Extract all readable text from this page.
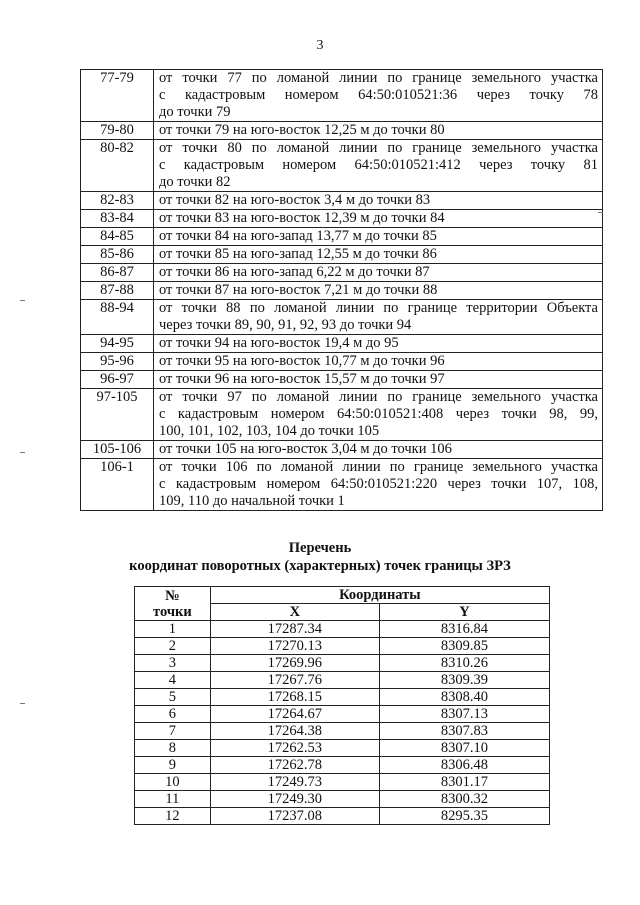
3
77-79	от точки 77 по ломаной линии по границе земельного участка
с кадастровым номером 64:50:010521:36 через точку 78
до точки 79

79-80	от точки 79 на юго-восток 12,25 м до точки 80

80-82	от точки 80 по ломаной линии по границе земельного участка
с кадастровым номером 64:50:010521:412 через точку 81
до точки 82

82-83	от точки 82 на юго-восток 3,4 м до точки 83

83-84	от точки 83 на юго-восток 12,39 м до точки 84

84-85	от точки 84 на юго-запад 13,77 м до точки 85

85-86	от точки 85 на юго-запад 12,55 м до точки 86

86-87	от точки 86 на юго-запад 6,22 м до точки 87

87-88	от точки 87 на юго-восток 7,21 м до точки 88

88-94	от точки 88 по ломаной линии по границе территории Объекта
через точки 89, 90, 91, 92, 93 до точки 94

94-95	от точки 94 на юго-восток 19,4 м до 95

95-96	от точки 95 на юго-восток 10,77 м до точки 96

96-97	от точки 96 на юго-восток 15,57 м до точки 97

97-105	от точки 97 по ломаной линии по границе земельного участка
с кадастровым номером 64:50:010521:408 через точки 98, 99,
100, 101, 102, 103, 104 до точки 105

105-106	от точки 105 на юго-восток 3,04 м до точки 106

106-1	от точки 106 по ломаной линии по границе земельного участка
с кадастровым номером 64:50:010521:220 через точки 107, 108,
109, 110 до начальной точки 1
Перечень
координат поворотных (характерных) точек границы ЗРЗ
№
точки	Координаты	
	X	Y
1	17287.34	8316.84
2	17270.13	8309.85
3	17269.96	8310.26
4	17267.76	8309.39
5	17268.15	8308.40
6	17264.67	8307.13
7	17264.38	8307.83
8	17262.53	8307.10
9	17262.78	8306.48
10	17249.73	8301.17
11	17249.30	8300.32
12	17237.08	8295.35
